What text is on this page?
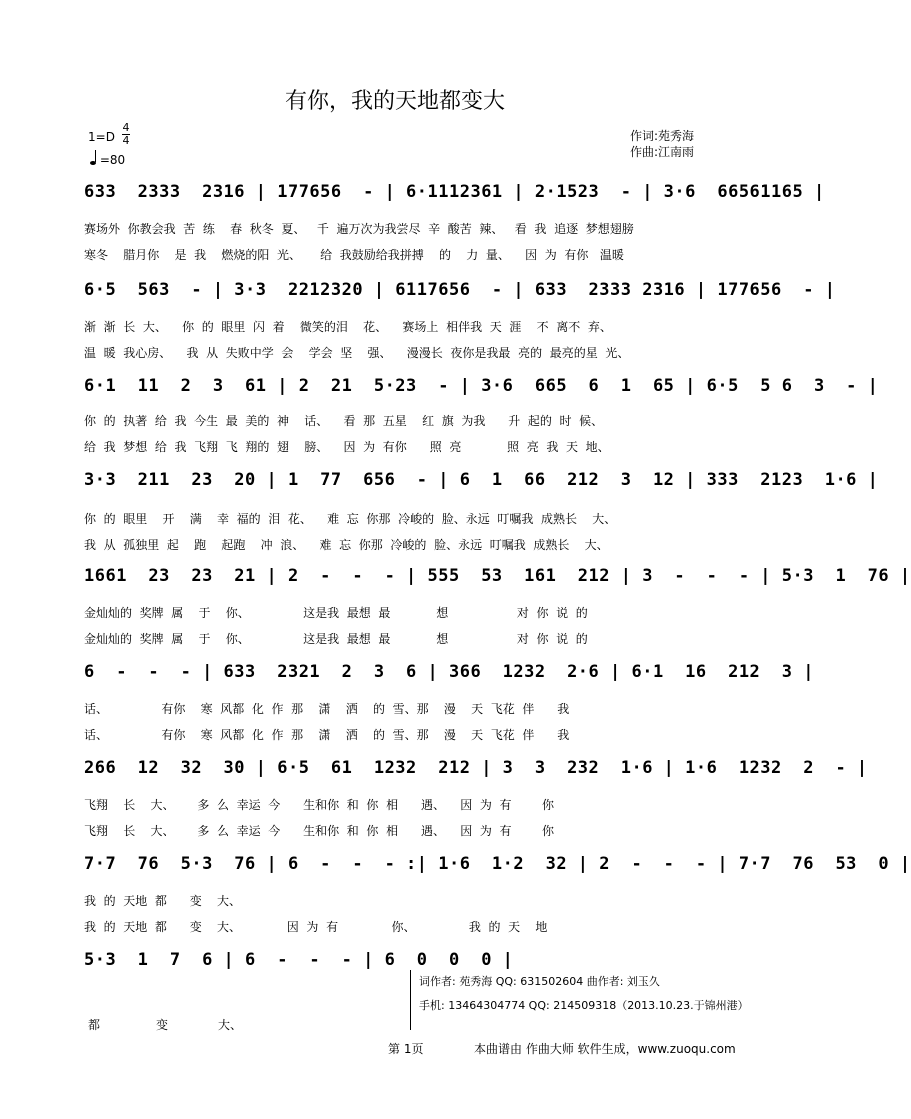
有你，我的天地都变大
1=D
4
4
=80
作词:苑秀海
作曲:江南雨
633  2333  2316 | 177656  - | 6·1112361 | 2·1523  - | 3·6  66561165 |
赛场外  你教会我  苦  练    春  秋冬  夏、   千  遍万次为我尝尽  辛  酸苦  辣、   看  我  追逐  梦想翅膀
寒冬    腊月你    是  我    燃烧的阳  光、     给  我鼓励给我拼搏    的    力  量、    因  为  有你   温暖
6·5  563  - | 3·3  2212320 | 6117656  - | 633  2333 2316 | 177656  - |
渐  渐  长  大、    你  的  眼里  闪  着    微笑的泪    花、    赛场上  相伴我  天  涯    不  离不  弃、
温  暖  我心房、    我  从  失败中学  会    学会  坚    强、    漫漫长  夜你是我最  亮的  最亮的星  光、
6·1  11  2  3  61 | 2  21  5·23  - | 3·6  665  6  1  65 | 6·5  5 6  3  - |
你  的  执著  给  我  今生  最  美的  神    话、    看  那  五星    红  旗  为我      升  起的  时  候、
给  我  梦想  给  我  飞翔  飞  翔的  翅    膀、    因  为  有你      照  亮            照  亮  我  天  地、
3·3  211  23  20 | 1  77  656  - | 6  1  66  212  3  12 | 333  2123  1·6 |
你  的  眼里    开    满    幸  福的  泪  花、    难  忘  你那  冷峻的  脸、永远  叮嘱我  成熟长    大、
我  从  孤独里  起    跑    起跑    冲  浪、    难  忘  你那  冷峻的  脸、永远  叮嘱我  成熟长    大、
1661  23  23  21 | 2  -  -  - | 555  53  161  212 | 3  -  -  - | 5·3  1  76 |
金灿灿的  奖牌  属    于    你、              这是我  最想  最            想                  对  你  说  的
金灿灿的  奖牌  属    于    你、              这是我  最想  最            想                  对  你  说  的
6  -  -  - | 633  2321  2  3  6 | 366  1232  2·6 | 6·1  16  212  3 |
话、              有你    寒  风都  化  作  那    潇    洒    的  雪、那    漫    天  飞花  伴      我
话、              有你    寒  风都  化  作  那    潇    洒    的  雪、那    漫    天  飞花  伴      我
266  12  32  30 | 6·5  61  1232  212 | 3  3  232  1·6 | 1·6  1232  2  - |
飞翔    长    大、      多  么  幸运  今      生和你  和  你  相      遇、    因  为  有        你
飞翔    长    大、      多  么  幸运  今      生和你  和  你  相      遇、    因  为  有        你
7·7  76  5·3  76 | 6  -  -  - :| 1·6  1·2  32 | 2  -  -  - | 7·7  76  53  0 |
我  的  天地  都      变    大、
我  的  天地  都      变    大、            因  为  有              你、              我  的  天    地
5·3  1  7  6 | 6  -  -  - | 6  0  0  0 |
都	变	大、
词作者: 苑秀海 QQ: 631502604 曲作者: 刘玉久
手机: 13464304774 QQ: 214509318（2013.10.23.于锦州港）
第 1页	本曲谱由 作曲大师 软件生成，www.zuoqu.com
